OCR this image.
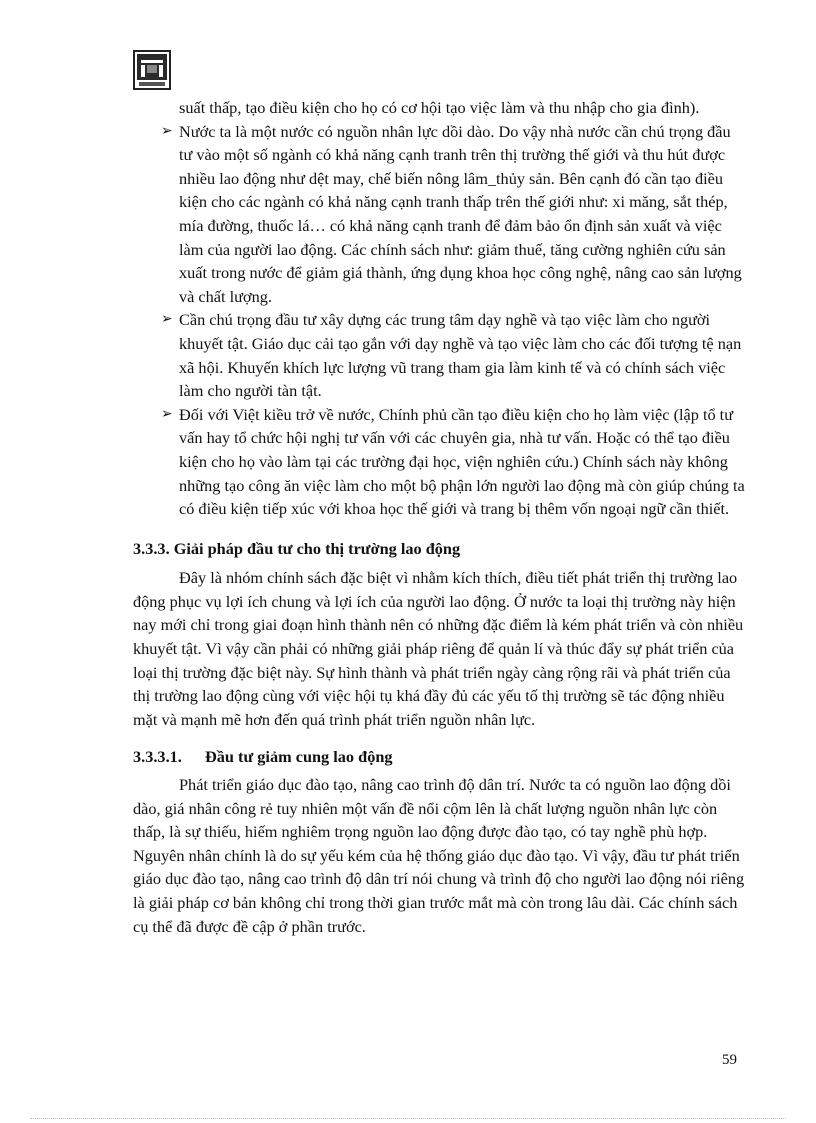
suất thấp, tạo điều kiện cho họ có cơ hội tạo việc làm và thu nhập cho gia đình).
➢ Nước ta là một nước có nguồn nhân lực dồi dào. Do vậy nhà nước cần chú trọng đầu tư vào một số ngành có khả năng cạnh tranh trên thị trường thế giới và thu hút được nhiều lao động như dệt may, chế biến nông lâm_thủy sản. Bên cạnh đó cần tạo điều kiện cho các ngành có khả năng cạnh tranh thấp trên thế giới như: xi măng, sắt thép, mía đường, thuốc lá… có khả năng cạnh tranh để đảm bảo ổn định sản xuất và việc làm của người lao động. Các chính sách như: giảm thuế, tăng cường nghiên cứu sản xuất trong nước để giảm giá thành, ứng dụng khoa học công nghệ, nâng cao sản lượng và chất lượng.
➢ Cần chú trọng đầu tư xây dựng các trung tâm dạy nghề và tạo việc làm cho người khuyết tật. Giáo dục cải tạo gắn với dạy nghề và tạo việc làm cho các đối tượng tệ nạn xã hội. Khuyến khích lực lượng vũ trang tham gia làm kinh tế và có chính sách việc làm cho người tàn tật.
➢ Đối với Việt kiều trở về nước, Chính phủ cần tạo điều kiện cho họ làm việc (lập tổ tư vấn hay tổ chức hội nghị tư vấn với các chuyên gia, nhà tư vấn. Hoặc có thể tạo điều kiện cho họ vào làm tại các trường đại học, viện nghiên cứu.) Chính sách này không những tạo công ăn việc làm cho một bộ phận lớn người lao động mà còn giúp chúng ta có điều kiện tiếp xúc với khoa học thế giới và trang bị thêm vốn ngoại ngữ cần thiết.
3.3.3. Giải pháp đầu tư cho thị trường lao động
Đây là nhóm chính sách đặc biệt vì nhằm kích thích, điều tiết phát triển thị trường lao động phục vụ lợi ích chung và lợi ích của người lao động. Ở nước ta loại thị trường này hiện nay mới chỉ trong giai đoạn hình thành nên có những đặc điểm là kém phát triển và còn nhiều khuyết tật. Vì vậy cần phải có những giải pháp riêng để quản lí và thúc đẩy sự phát triển của loại thị trường đặc biệt này. Sự hình thành và phát triển ngày càng rộng rãi và phát triển của thị trường lao động cùng với việc hội tụ khá đầy đủ các yếu tố thị trường sẽ tác động nhiều mặt và mạnh mẽ hơn đến quá trình phát triển nguồn nhân lực.
3.3.3.1. Đầu tư giảm cung lao động
Phát triển giáo dục đào tạo, nâng cao trình độ dân trí. Nước ta có nguồn lao động dồi dào, giá nhân công rẻ tuy nhiên một vấn đề nổi cộm lên là chất lượng nguồn nhân lực còn thấp, là sự thiếu, hiếm nghiêm trọng nguồn lao động được đào tạo, có tay nghề phù hợp. Nguyên nhân chính là do sự yếu kém của hệ thống giáo dục đào tạo. Vì vậy, đầu tư phát triển giáo dục đào tạo, nâng cao trình độ dân trí nói chung và trình độ cho người lao động nói riêng là giải pháp cơ bản không chỉ trong thời gian trước mắt mà còn trong lâu dài. Các chính sách cụ thể đã được đề cập ở phần trước.
59
